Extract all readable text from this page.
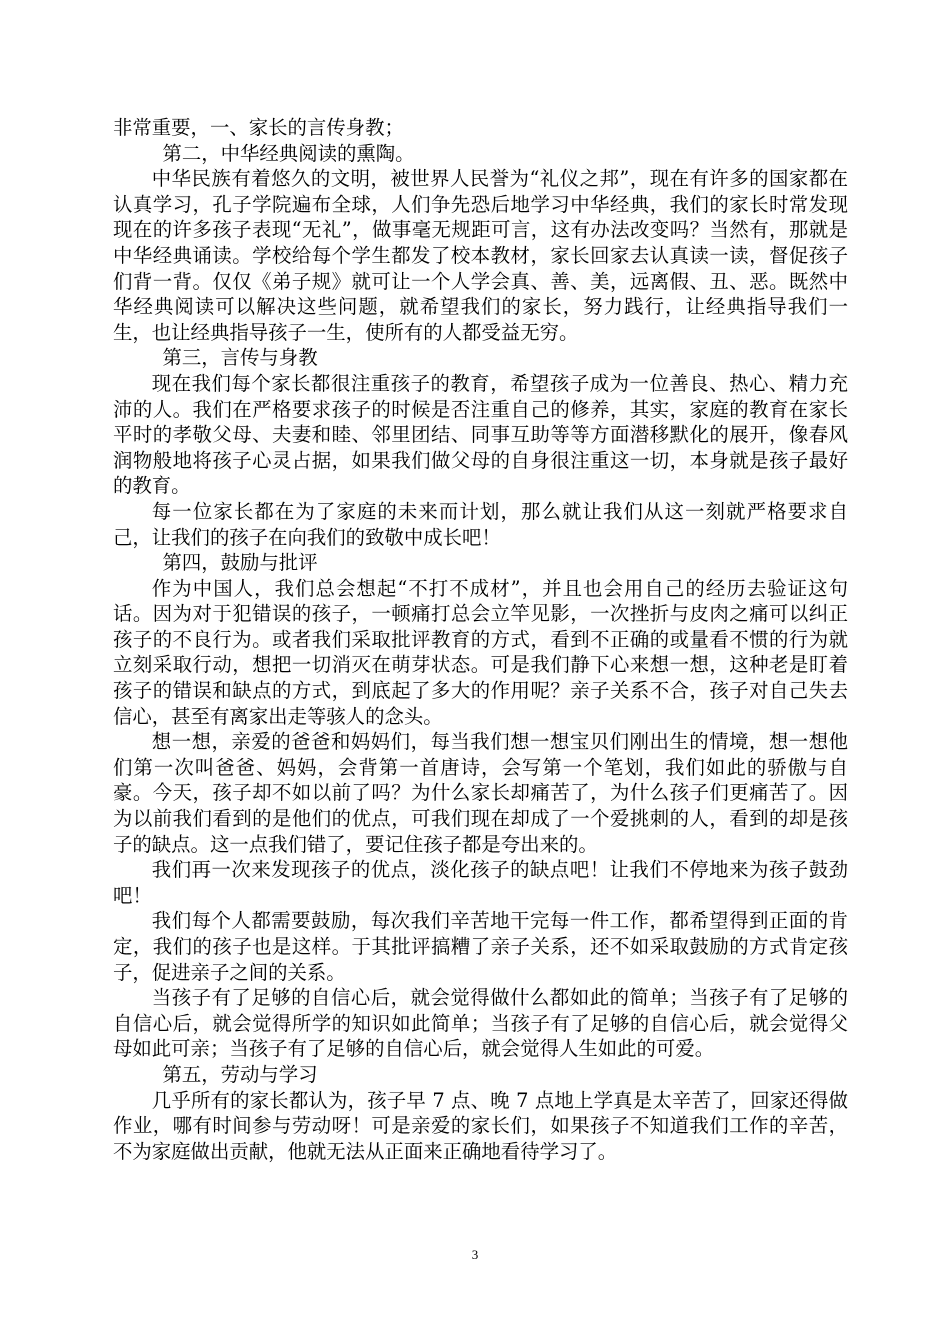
非常重要，一、家长的言传身教；

第二，中华经典阅读的熏陶。

中华民族有着悠久的文明，被世界人民誉为“礼仪之邦”，现在有许多的国家都在认真学习，孔子学院遍布全球，人们争先恐后地学习中华经典，我们的家长时常发现现在的许多孩子表现“无礼”，做事毫无规距可言，这有办法改变吗？当然有，那就是中华经典诵读。学校给每个学生都发了校本教材，家长回家去认真读一读，督促孩子们背一背。仅仅《弟子规》就可让一个人学会真、善、美，远离假、丑、恶。既然中华经典阅读可以解决这些问题，就希望我们的家长，努力践行，让经典指导我们一生，也让经典指导孩子一生，使所有的人都受益无穷。

第三，言传与身教

现在我们每个家长都很注重孩子的教育，希望孩子成为一位善良、热心、精力充沛的人。我们在严格要求孩子的时候是否注重自己的修养，其实，家庭的教育在家长平时的孝敬父母、夫妻和睦、邻里团结、同事互助等等方面潜移默化的展开，像春风润物般地将孩子心灵占据，如果我们做父母的自身很注重这一切，本身就是孩子最好的教育。

每一位家长都在为了家庭的未来而计划，那么就让我们从这一刻就严格要求自己，让我们的孩子在向我们的致敬中成长吧！

第四，鼓励与批评

作为中国人，我们总会想起“不打不成材”，并且也会用自己的经历去验证这句话。因为对于犯错误的孩子，一顿痛打总会立竿见影，一次挫折与皮肉之痛可以纠正孩子的不良行为。或者我们采取批评教育的方式，看到不正确的或量看不惯的行为就立刻采取行动，想把一切消灭在萌芽状态。可是我们静下心来想一想，这种老是盯着孩子的错误和缺点的方式，到底起了多大的作用呢？亲子关系不合，孩子对自己失去信心，甚至有离家出走等骇人的念头。

想一想，亲爱的爸爸和妈妈们，每当我们想一想宝贝们刚出生的情境，想一想他们第一次叫爸爸、妈妈，会背第一首唐诗，会写第一个笔划，我们如此的骄傲与自豪。今天，孩子却不如以前了吗？为什么家长却痛苦了，为什么孩子们更痛苦了。因为以前我们看到的是他们的优点，可我们现在却成了一个爱挑刺的人，看到的却是孩子的缺点。这一点我们错了，要记住孩子都是夸出来的。

我们再一次来发现孩子的优点，淡化孩子的缺点吧！让我们不停地来为孩子鼓劲吧！

我们每个人都需要鼓励，每次我们辛苦地干完每一件工作，都希望得到正面的肯定，我们的孩子也是这样。于其批评搞糟了亲子关系，还不如采取鼓励的方式肯定孩子，促进亲子之间的关系。

当孩子有了足够的自信心后，就会觉得做什么都如此的简单；当孩子有了足够的自信心后，就会觉得所学的知识如此简单；当孩子有了足够的自信心后，就会觉得父母如此可亲；当孩子有了足够的自信心后，就会觉得人生如此的可爱。

第五，劳动与学习

几乎所有的家长都认为，孩子早 7 点、晚 7 点地上学真是太辛苦了，回家还得做作业，哪有时间参与劳动呀！可是亲爱的家长们，如果孩子不知道我们工作的辛苦，不为家庭做出贡献，他就无法从正面来正确地看待学习了。

3
